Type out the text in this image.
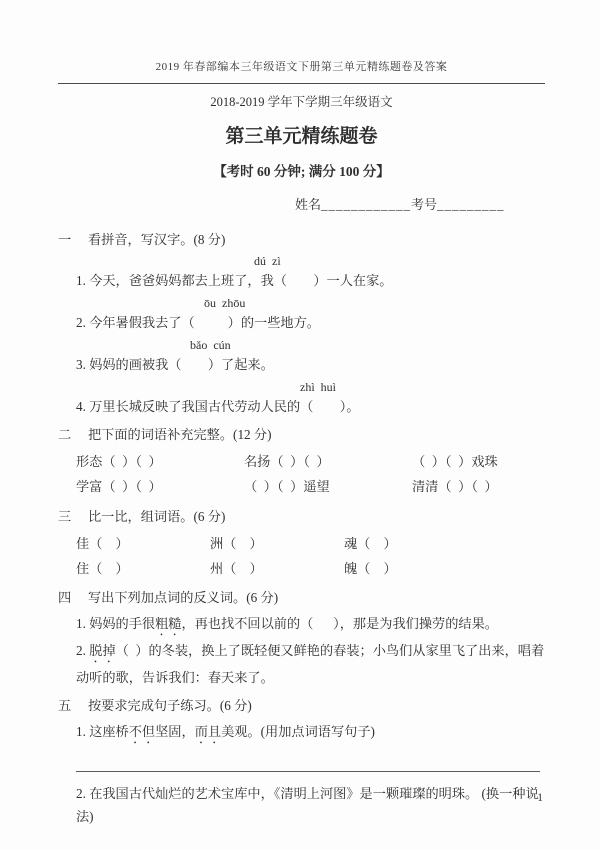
2019 年春部编本三年级语文下册第三单元精练题卷及答案
2018-2019 学年下学期三年级语文
第三单元精练题卷
【考时 60 分钟; 满分 100 分】
姓名____________考号_________
一 看拼音，写汉字。(8 分)
dú  zì
1. 今天，爸爸妈妈都去上班了，我（        ）一人在家。
ōu  zhōu
2. 今年暑假我去了（          ）的一些地方。
bǎo  cún
3. 妈妈的画被我（        ）了起来。
zhì  huì
4. 万里长城反映了我国古代劳动人民的（        ）。
二 把下面的词语补充完整。(12 分)
形态（  ）（  ）	名扬（  ）（  ）	（  ）（  ）戏珠
学富（  ）（  ）	（  ）（  ）遥望	清清（  ）（  ）
三 比一比，组词语。(6 分)
佳（    ）	洲（    ）	魂（    ）
住（    ）	州（    ）	魄（    ）
四 写出下列加点词的反义词。(6 分)
1. 妈妈的手很粗糙，再也找不回以前的（      ），那是为我们操劳的结果。
2. 脱掉（  ）的冬装，换上了既轻便又鲜艳的春装；小鸟们从家里飞了出来，唱着动听的歌，告诉我们：春天来了。
五 按要求完成句子练习。(6 分)
1. 这座桥不但坚固，而且美观。(用加点词语写句子)
2. 在我国古代灿烂的艺术宝库中，《清明上河图》是一颗璀璨的明珠。 (换一种说法)
1
